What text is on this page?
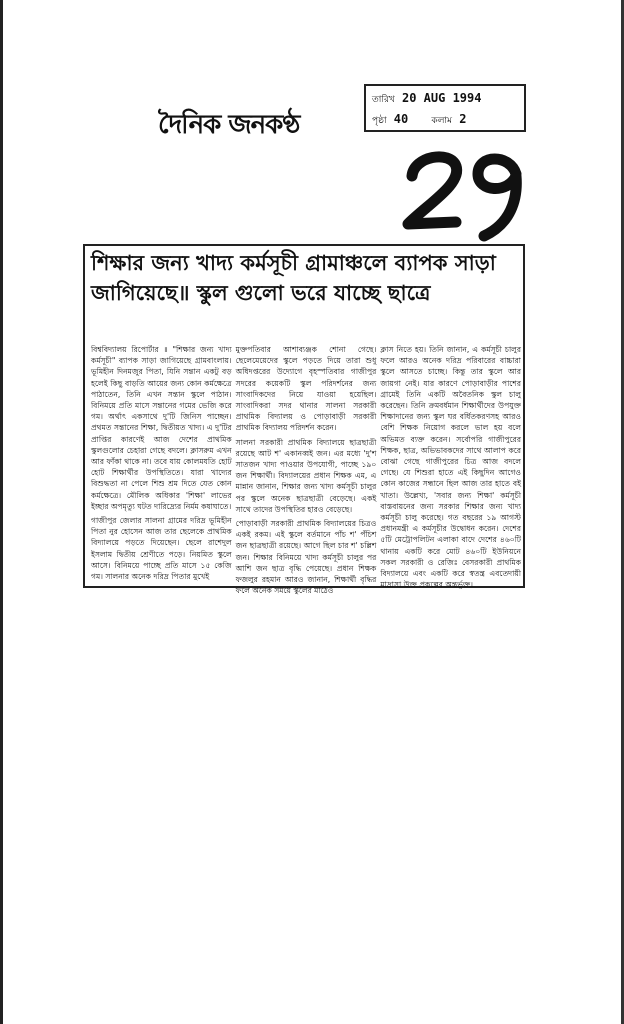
দৈনিক জনকণ্ঠ
তারিখ 20 AUG 1994
পৃষ্ঠা 40	কলাম 2
শিক্ষার জন্য খাদ্য কর্মসূচী গ্রামাঞ্চলে ব্যাপক সাড়া জাগিয়েছে॥ স্কুল গুলো ভরে যাচ্ছে ছাত্রে

বিশ্ববিদ্যালয় রিপোর্টার ॥ "শিক্ষার জন্য খাদ্য কর্মসূচী" ব্যাপক সাড়া জাগিয়েছে গ্রামবাংলায়। ভূমিহীন দিনমজুর পিতা, যিনি সন্তান একটু বড় হলেই কিছু বাড়তি আয়ের জন্য কোন কর্মক্ষেত্রে পাঠাতেন, তিনি এখন সন্তান স্কুলে পাঠান। বিনিময়ে প্রতি মাসে সন্তানের গমের ভেজি করে গম। অর্থাৎ একসাথে দু'টি জিনিস পাচ্ছেন। প্রথমত সন্তানের শিক্ষা, দ্বিতীয়ত খাদ্য। এ দু'টির প্রাপ্তির কারণেই আজ দেশের প্রাথমিক স্কুলগুলোর চেহারা গেছে বদলে। ক্লাসরুম এখন আর ফাঁকা থাকে না। তবে যায় কোলমযতি হোট হোট শিক্ষার্থীর উপস্থিতিতে। যারা খাদ্যের বিশুদ্ধতা না পেলে শিশু শ্রম দিতে যেত কোন কর্মক্ষেত্রে। মৌলিক অধিকার 'শিক্ষা' লাভের ইচ্ছার অপমৃত্যু ঘটত দারিদ্র্যের নির্মম কষাঘাতে।

গাজীপুর জেলার সালনা গ্রামের দরিদ্র ভূমিহীন পিতা নুর হোসেন আজ তার ছেলেকে প্রাথমিক বিদ্যালয়ে পড়তে দিয়েছেন। ছেলে রাশেদুল ইসলাম দ্বিতীয় শ্রেণীতে পড়ে। নিয়মিত স্কুলে আসে। বিনিময়ে পাচ্ছে প্রতি মাসে ১৫ কেজি গম। সালনার অনেক দরিদ্র পিতার মুখেই

মুক্তপতিবার আশাব্যঞ্জক শোনা গেছে। ছেলেমেয়েদের স্কুলে পড়তে দিয়ে তারা শুধু অধিদপ্তরের উদ্যোগে বৃহস্পতিবার গাজীপুর সদরের কয়েকটি স্কুল পরিদর্শনের জন্য সাংবাদিকদের নিয়ে যাওয়া হয়েছিল। সাংবাদিকরা সদর থানার সালনা সরকারী প্রাথমিক বিদ্যালয় ও পোড়াবাড়ী সরকারী প্রাথমিক বিদ্যালয় পরিদর্শন করেন।

সালনা সরকারী প্রাথমিক বিদ্যালয়ে ছাত্রছাত্রী রয়েছে আট শ' একানব্বই জন। এর মধ্যে 'দু'শ সাতজন খাদ্য পাওয়ার উপযোগী, পাচ্ছে ১৯০ জন শিক্ষার্থী। বিদ্যালয়ের প্রধান শিক্ষক এম, এ মান্নান জানান, শিক্ষার জন্য খাদ্য কর্মসূচী চালুর পর স্কুলে অনেক ছাত্রছাত্রী বেড়েছে। একই সাথে তাদের উপস্থিতির হারও বেড়েছে।

পোড়াবাড়ী সরকারী প্রাথমিক বিদ্যালয়ের চিত্রও একই রকম। এই স্কুলে বর্তমানে পাঁচ শ' পঁচিশ জন ছাত্রছাত্রী রয়েছে। আগে ছিল চার শ' চল্লিশ জন। শিক্ষার বিনিময়ে খাদ্য কর্মসূচী চালুর পর আশি জন ছাত্র বৃদ্ধি পেয়েছে। প্রধান শিক্ষক ফজলুর রহমান আরও জানান, শিক্ষার্থী বৃদ্ধির ফলে অনেক সময়ে স্কুলের মাঠেও

ক্লাস নিতে হয়। তিনি জানান, এ কর্মসূচী চালুর ফলে আরও অনেক দরিদ্র পরিবারের বাচ্চারা স্কুলে আসতে চাচ্ছে। কিন্তু তার স্কুলে আর জায়গা নেই। যার কারণে পোড়াবাড়ীর পাশের গ্রামেই তিনি একটি অবৈতনিক স্কুল চালু করেছেন। তিনি ক্রমবর্ধমান শিক্ষার্থীদের উপযুক্ত শিক্ষাদানের জন্য স্কুল ঘর বর্ধিতকরণসহ আরও বেশি শিক্ষক নিয়োগ করলে ভাল হয় বলে অভিমত ব্যক্ত করেন। সর্বোপরি গাজীপুরের শিক্ষক, ছাত্র, অভিভাবকদের সাথে আলাপ করে বোঝা গেছে গাজীপুরের চিত্র আজ বদলে গেছে। যে শিশুরা হাতে এই কিছুদিন আগেও কোন কাজের সন্ধানে ছিল আজ তার হাতে বই খাতা। উল্লেখ্য, 'সবার জন্য শিক্ষা' কর্মসূচী বাস্তবায়নের জন্য সরকার শিক্ষার জন্য খাদ্য কর্মসূচী চালু করেছে। গত বছরের ১৯ আগস্ট প্রধানমন্ত্রী এ কর্মসূচীর উদ্বোধন করেন। দেশের ৫টি মেট্রোপলিটন এলাকা বাদে দেশের ৪৬০টি থানায় একটি করে মোট ৪৬০টি ইউনিয়নে সকল সরকারী ও রেজিঃ বেসরকারী প্রাথমিক বিদ্যালয়ে এবং একটি করে স্বতন্ত্র এবতেদায়ী মাদ্রাসা উক্ত প্রকল্পের অন্তর্ভুক্ত।
